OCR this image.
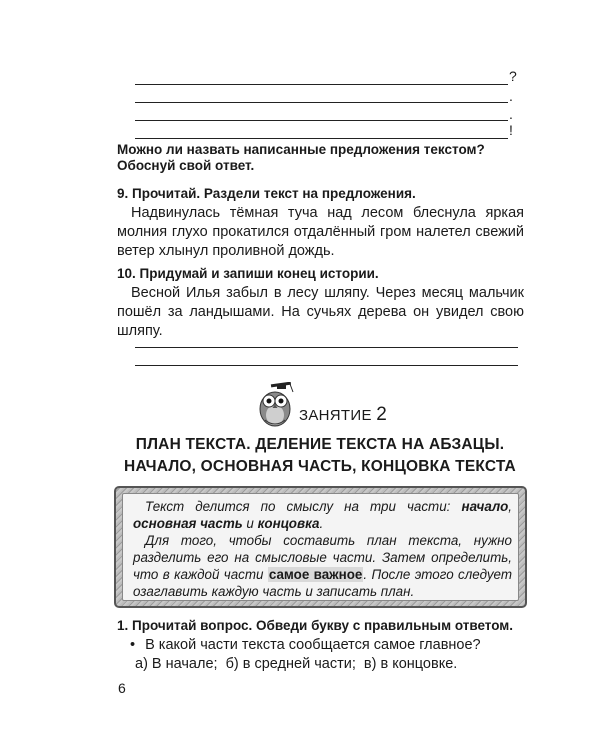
?
.
.
!
Можно ли назвать написанные предложения текстом? Обоснуй свой ответ.
9. Прочитай. Раздели текст на предложения.
Надвинулась тёмная туча над лесом блеснула яркая молния глухо прокатился отдалённый гром налетел свежий ветер хлынул проливной дождь.
10. Придумай и запиши конец истории.
Весной Илья забыл в лесу шляпу. Через месяц мальчик пошёл за ландышами. На сучьях дерева он увидел свою шляпу.
ЗАНЯТИЕ 2
ПЛАН ТЕКСТА. ДЕЛЕНИЕ ТЕКСТА НА АБЗАЦЫ.
НАЧАЛО, ОСНОВНАЯ ЧАСТЬ, КОНЦОВКА ТЕКСТА

Текст делится по смыслу на три части: начало, основная часть и концовка.

Для того, чтобы составить план текста, нужно разделить его на смысловые части. Затем определить, что в каждой части самое важное. После этого следует озаглавить каждую часть и записать план.

1. Прочитай вопрос. Обведи букву с правильным ответом.
• В какой части текста сообщается самое главное?
а) В начале;  б) в средней части;  в) в концовке.
6
